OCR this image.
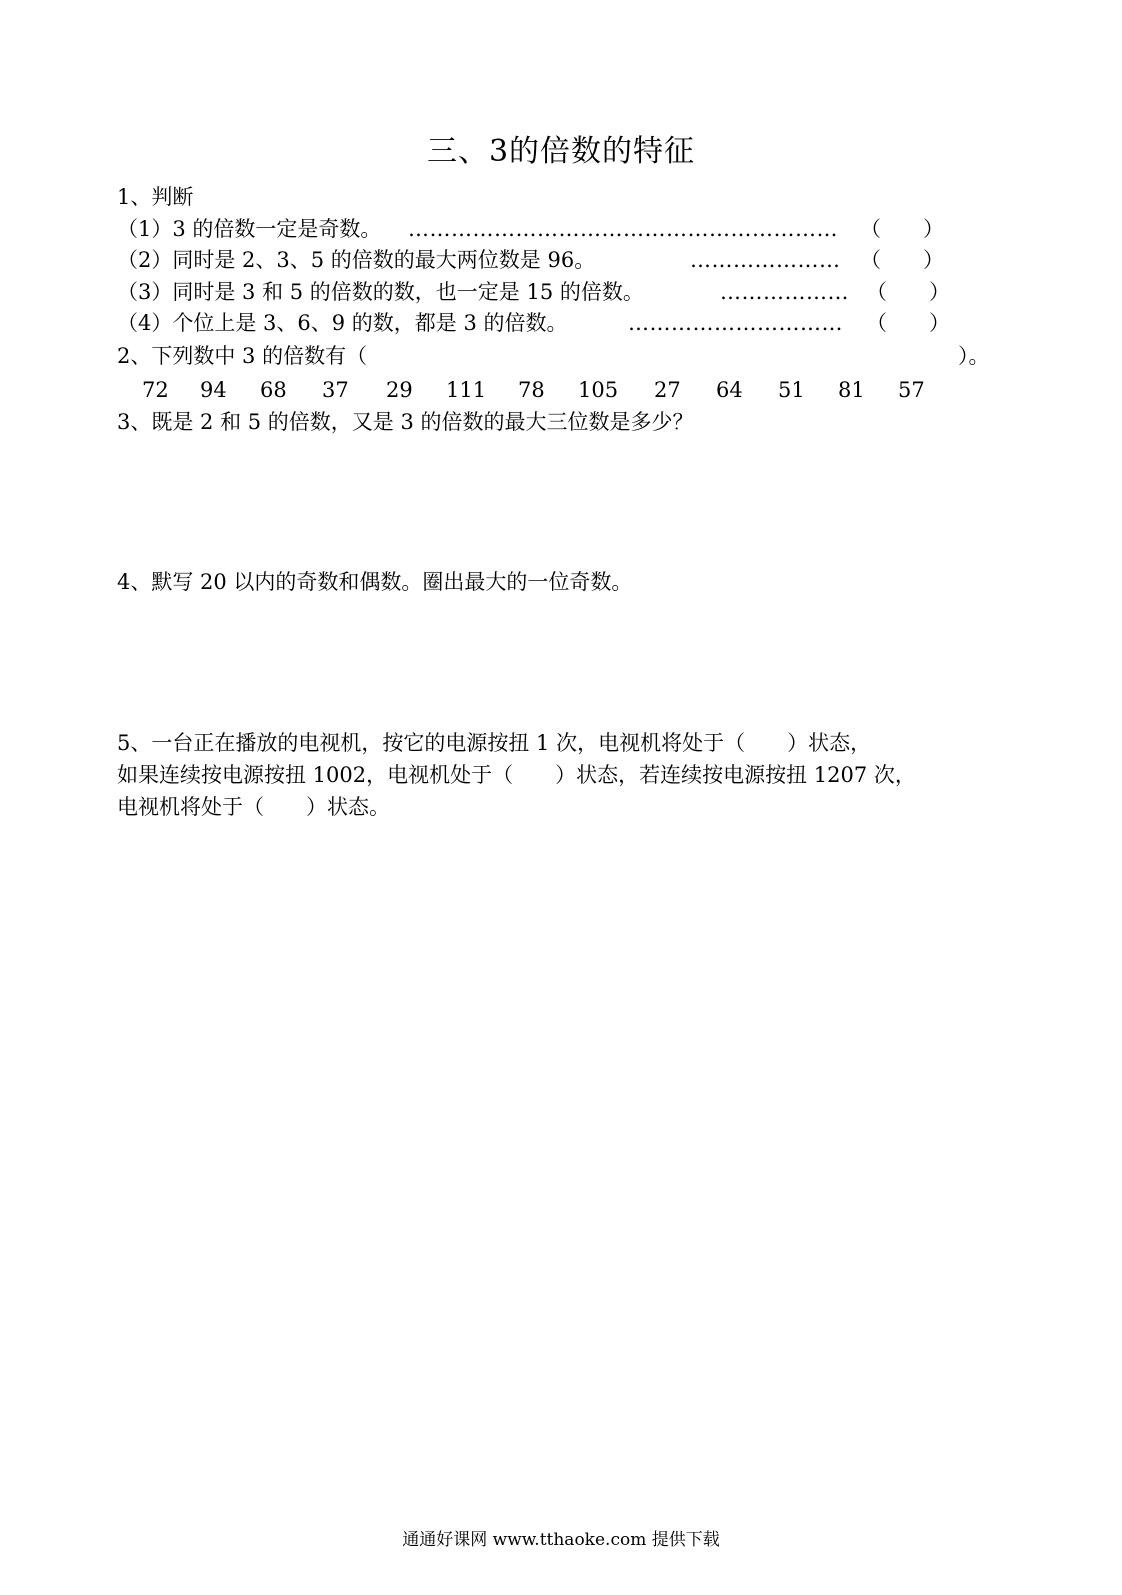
三、3的倍数的特征
1、判断
（1）3 的倍数一定是奇数。 …………………………………………………… （　　）
（2）同时是 2、3、5 的倍数的最大两位数是 96。	………………… （　　）
（3）同时是 3 和 5 的倍数的数，也一定是 15 的倍数。	……………… （　　）
（4）个位上是 3、6、9 的数，都是 3 的倍数。	………………………… （　　）
2、下列数中 3 的倍数有（	）。
72 94 68 37 29 111 78 105 27 64 51 81 57
3、既是 2 和 5 的倍数，又是 3 的倍数的最大三位数是多少？
4、默写 20 以内的奇数和偶数。圈出最大的一位奇数。
5、一台正在播放的电视机，按它的电源按扭 1 次，电视机将处于（　　）状态，
如果连续按电源按扭 1002，电视机处于（　　）状态，若连续按电源按扭 1207 次，
电视机将处于（　　）状态。
通通好课网 www.tthaoke.com 提供下载
